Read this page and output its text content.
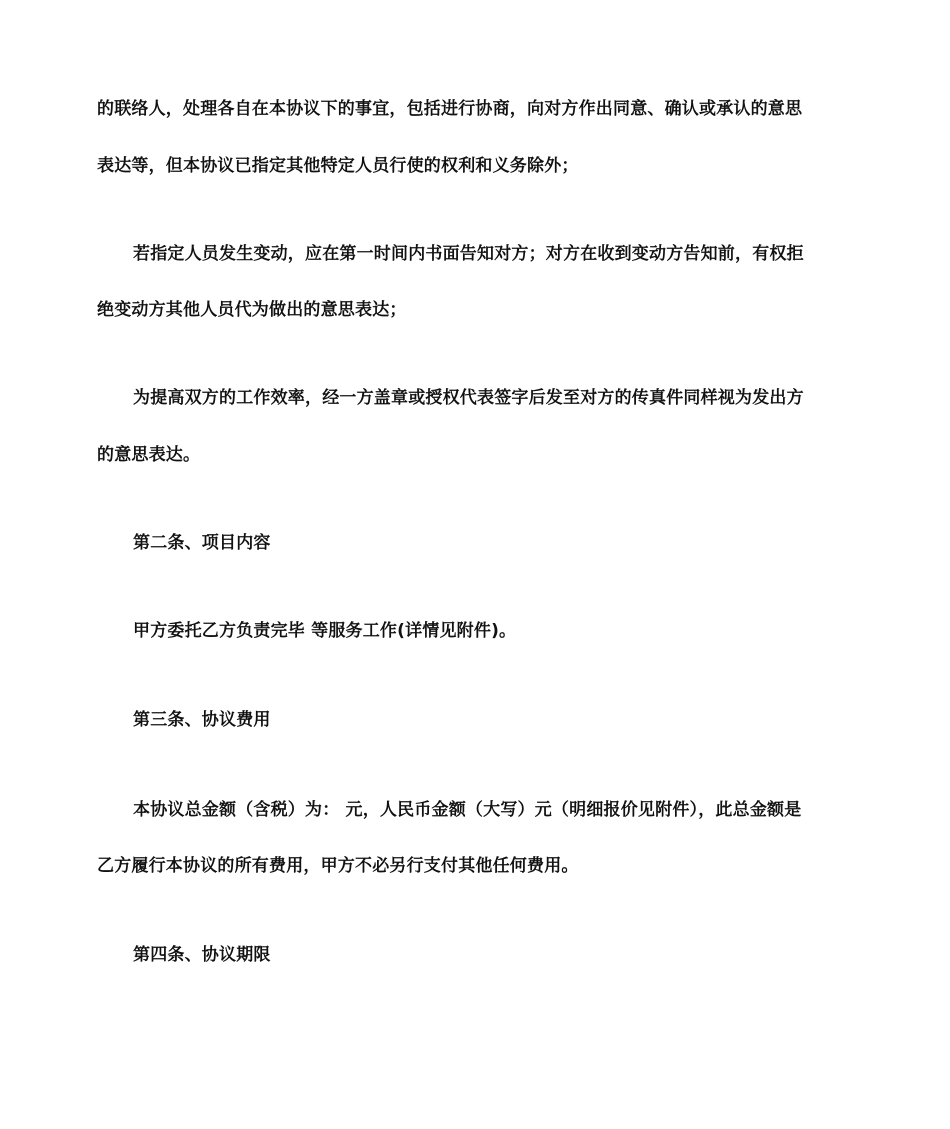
的联络人，处理各自在本协议下的事宜，包括进行协商，向对方作出同意、确认或承认的意思
表达等，但本协议已指定其他特定人员行使的权利和义务除外；
若指定人员发生变动，应在第一时间内书面告知对方；对方在收到变动方告知前，有权拒
绝变动方其他人员代为做出的意思表达；
为提高双方的工作效率，经一方盖章或授权代表签字后发至对方的传真件同样视为发出方
的意思表达。
第二条、项目内容
甲方委托乙方负责完毕 等服务工作(详情见附件)。
第三条、协议费用
本协议总金额（含税）为： 元，人民币金额（大写）元（明细报价见附件），此总金额是
乙方履行本协议的所有费用，甲方不必另行支付其他任何费用。
第四条、协议期限
